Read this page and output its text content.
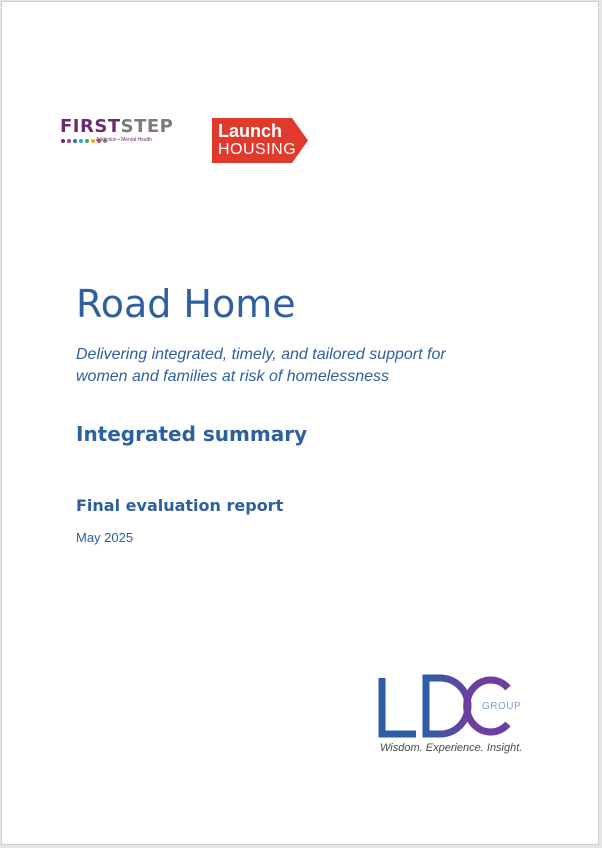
FIRSTSTEP
Addiction • Mental Health	Launch
HOUSING
Road Home
Delivering integrated, timely, and tailored support for women and families at risk of homelessness
Integrated summary
Final evaluation report
May 2025
GROUP
Wisdom. Experience. Insight.
